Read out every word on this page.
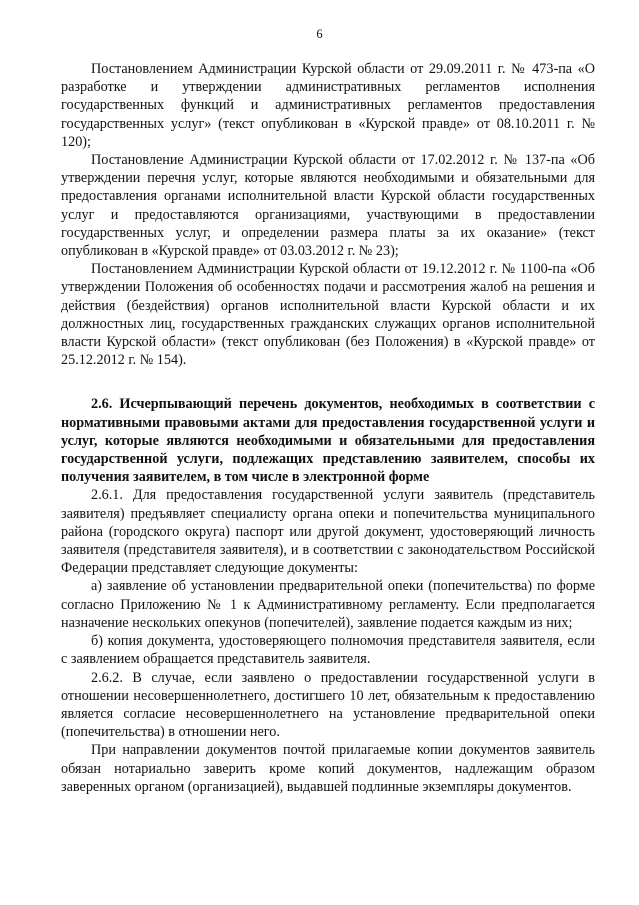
6

Постановлением Администрации Курской области от 29.09.2011 г. № 473-па «О разработке и утверждении административных регламентов исполнения государственных функций и административных регламентов предоставления государственных услуг» (текст опубликован в «Курской правде» от 08.10.2011 г. № 120);

Постановление Администрации Курской области от 17.02.2012 г. № 137-па «Об утверждении перечня услуг, которые являются необходимыми и обязательными для предоставления органами исполнительной власти Курской области государственных услуг и предоставляются организациями, участвующими в предоставлении государственных услуг, и определении размера платы за их оказание» (текст опубликован в «Курской правде» от 03.03.2012 г. № 23);

Постановлением Администрации Курской области от 19.12.2012 г. № 1100-па «Об утверждении Положения об особенностях подачи и рассмотрения жалоб на решения и действия (бездействия) органов исполнительной власти Курской области и их должностных лиц, государственных гражданских служащих органов исполнительной власти Курской области» (текст опубликован (без Положения) в «Курской правде» от 25.12.2012 г. № 154).

2.6. Исчерпывающий перечень документов, необходимых в соответствии с нормативными правовыми актами для предоставления государственной услуги и услуг, которые являются необходимыми и обязательными для предоставления государственной услуги, подлежащих представлению заявителем, способы их получения заявителем, в том числе в электронной форме

2.6.1. Для предоставления государственной услуги заявитель (представитель заявителя) предъявляет специалисту органа опеки и попечительства муниципального района (городского округа) паспорт или другой документ, удостоверяющий личность заявителя (представителя заявителя), и в соответствии с законодательством Российской Федерации представляет следующие документы:

а) заявление об установлении предварительной опеки (попечительства) по форме согласно Приложению № 1 к Административному регламенту. Если предполагается назначение нескольких опекунов (попечителей), заявление подается каждым из них;

б) копия документа, удостоверяющего полномочия представителя заявителя, если с заявлением обращается представитель заявителя.

2.6.2. В случае, если заявлено о предоставлении государственной услуги в отношении несовершеннолетнего, достигшего 10 лет, обязательным к предоставлению является согласие несовершеннолетнего на установление предварительной опеки (попечительства) в отношении него.

При направлении документов почтой прилагаемые копии документов заявитель обязан нотариально заверить кроме копий документов, надлежащим образом заверенных органом (организацией), выдавшей подлинные экземпляры документов.
